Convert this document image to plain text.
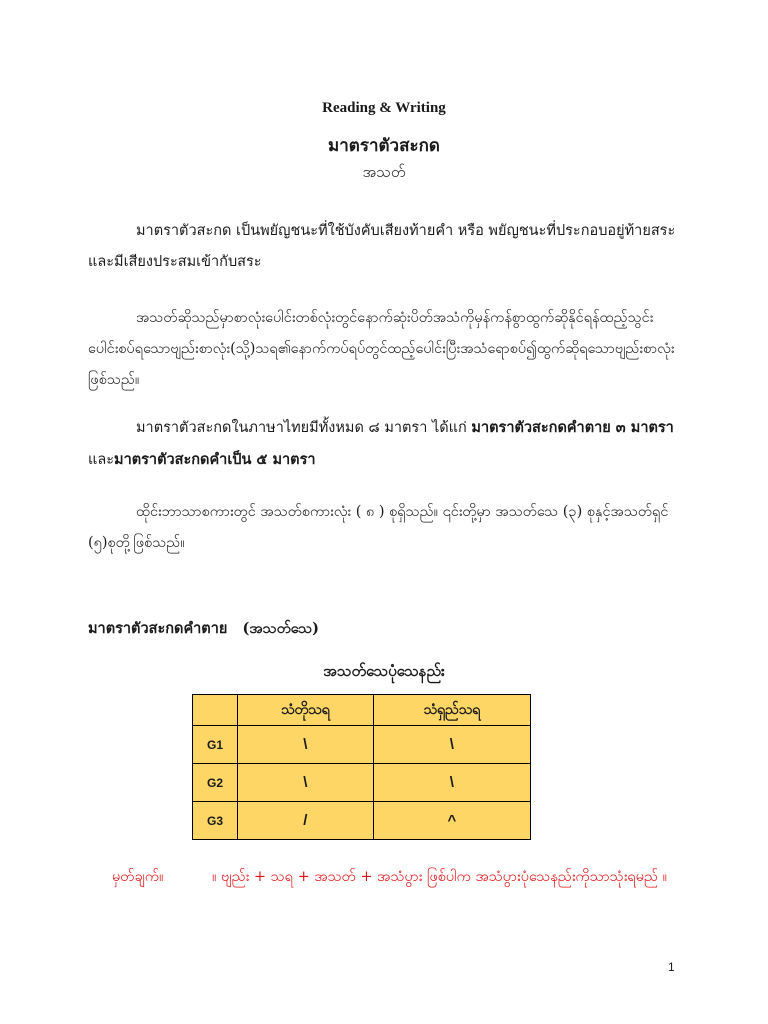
Reading & Writing
มาตราตัวสะกด
အသတ်

มาตราตัวสะกด เป็นพยัญชนะที่ใช้บังคับเสียงท้ายคำ หรือ พยัญชนะที่ประกอบอยู่ท้ายสระและมีเสียงประสมเข้ากับสระ

အသတ်ဆိုသည်မှာစာလုံးပေါင်းတစ်လုံးတွင်နောက်ဆုံးပိတ်အသံကိုမှန်ကန်စွာထွက်ဆိုနိုင်ရန်ထည့်သွင်းပေါင်းစပ်ရသောဗျည်းစာလုံး(သို့)သရ၏နောက်ကပ်ရပ်တွင်ထည့်ပေါင်းပြီးအသံရောစပ်၍ထွက်ဆိုရသောဗျည်းစာလုံးဖြစ်သည်။

มาตราตัวสะกดในภาษาไทยมีทั้งหมด ๘ มาตรา ได้แก่ มาตราตัวสะกดคำตาย ๓ มาตรา และมาตราตัวสะกดคำเป็น ๕ มาตรา

ထိုင်းဘာသာစကားတွင် အသတ်စကားလုံး ( ၈ ) စုရှိသည်။ ၎င်းတို့မှာ အသတ်သေ (၃) စုနှင့်အသတ်ရှင် (၅)စုတို့ဖြစ်သည်။

มาตราตัวสะกดคำตาย (အသတ်သေ)
အသတ်သေပုံသေနည်း
	သံတိုသရ	သံရှည်သရ
G1	\	\
G2	\	\
G3	/	^

မှတ်ချက်။	။ ဗျည်း + သရ + အသတ် + အသံပွား ဖြစ်ပါက အသံပွားပုံသေနည်းကိုသာသုံးရမည် ။

1
